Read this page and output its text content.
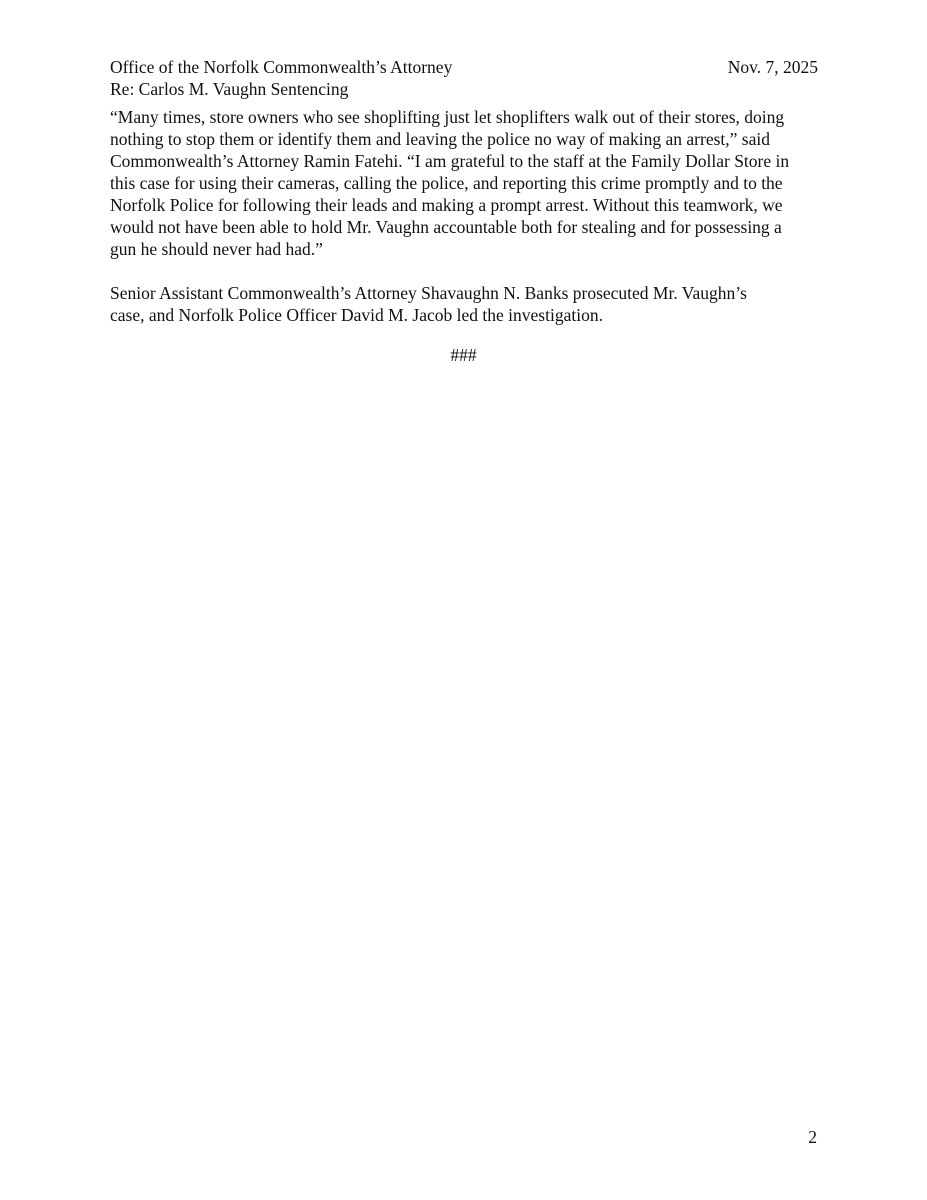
Office of the Norfolk Commonwealth’s Attorney	Nov. 7, 2025
Re: Carlos M. Vaughn Sentencing

“Many times, store owners who see shoplifting just let shoplifters walk out of their stores, doing
nothing to stop them or identify them and leaving the police no way of making an arrest,” said
Commonwealth’s Attorney Ramin Fatehi. “I am grateful to the staff at the Family Dollar Store in
this case for using their cameras, calling the police, and reporting this crime promptly and to the
Norfolk Police for following their leads and making a prompt arrest. Without this teamwork, we
would not have been able to hold Mr. Vaughn accountable both for stealing and for possessing a
gun he should never had had.”

Senior Assistant Commonwealth’s Attorney Shavaughn N. Banks prosecuted Mr. Vaughn’s
case, and Norfolk Police Officer David M. Jacob led the investigation.

###
2
